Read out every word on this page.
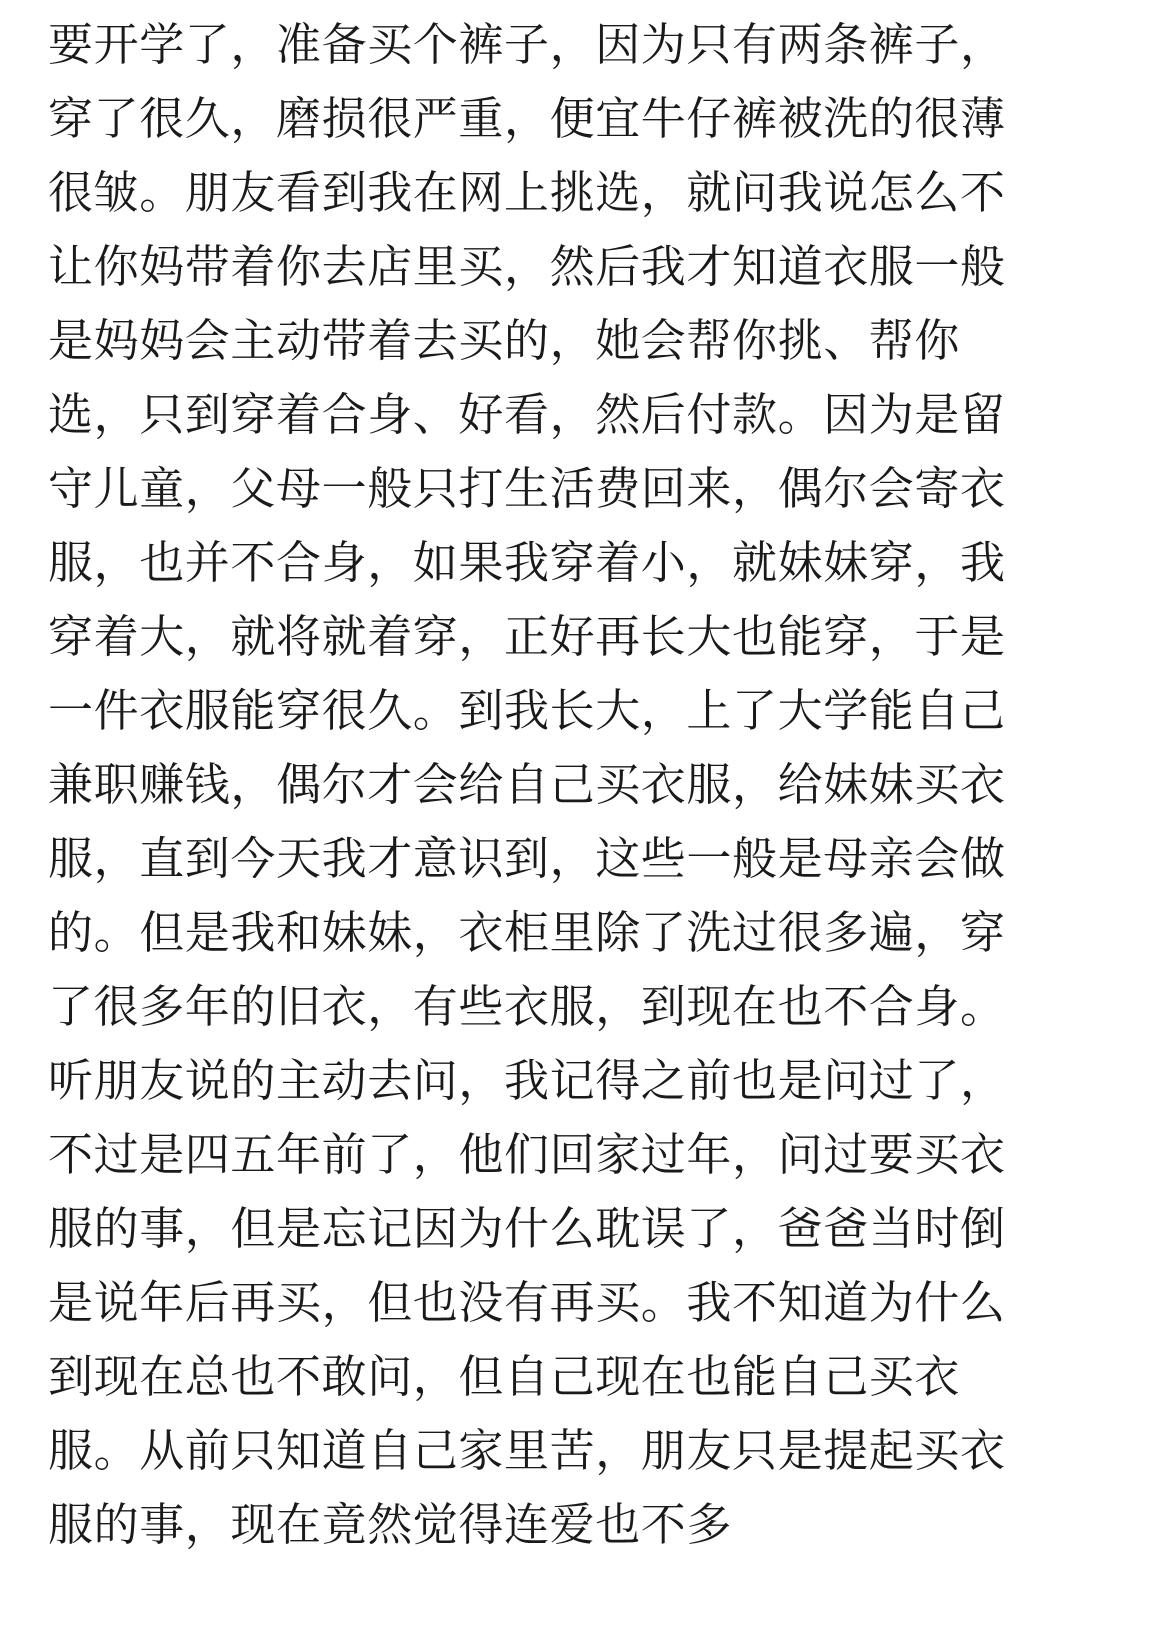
要开学了，准备买个裤子，因为只有两条裤子，
穿了很久，磨损很严重，便宜牛仔裤被洗的很薄
很皱。朋友看到我在网上挑选，就问我说怎么不
让你妈带着你去店里买，然后我才知道衣服一般
是妈妈会主动带着去买的，她会帮你挑、帮你
选，只到穿着合身、好看，然后付款。因为是留
守儿童，父母一般只打生活费回来，偶尔会寄衣
服，也并不合身，如果我穿着小，就妹妹穿，我
穿着大，就将就着穿，正好再长大也能穿，于是
一件衣服能穿很久。到我长大，上了大学能自己
兼职赚钱，偶尔才会给自己买衣服，给妹妹买衣
服，直到今天我才意识到，这些一般是母亲会做
的。但是我和妹妹，衣柜里除了洗过很多遍，穿
了很多年的旧衣，有些衣服，到现在也不合身。
听朋友说的主动去问，我记得之前也是问过了，
不过是四五年前了，他们回家过年，问过要买衣
服的事，但是忘记因为什么耽误了，爸爸当时倒
是说年后再买，但也没有再买。我不知道为什么
到现在总也不敢问，但自己现在也能自己买衣
服。从前只知道自己家里苦，朋友只是提起买衣
服的事，现在竟然觉得连爱也不多
